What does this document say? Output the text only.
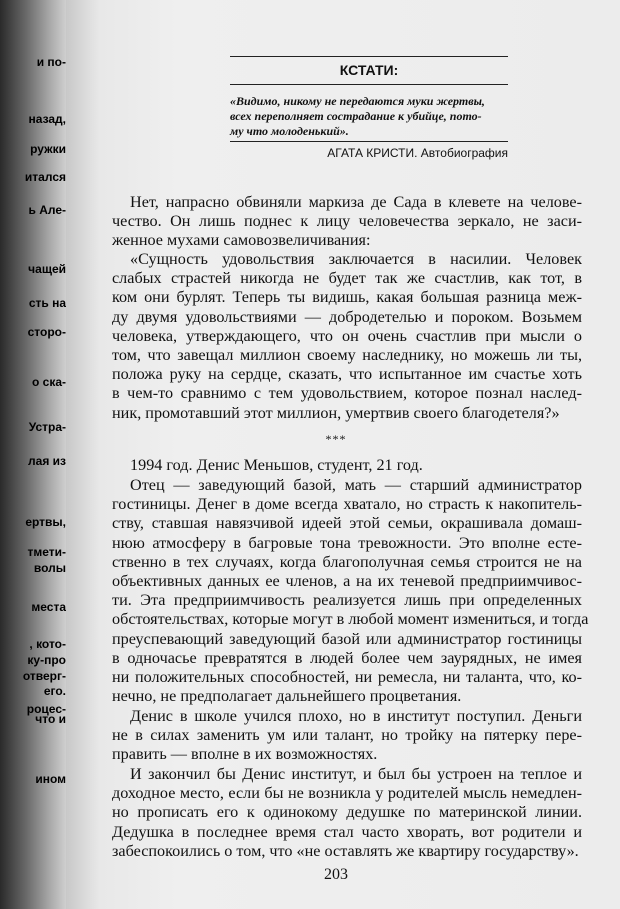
и по-
назад,
ружки
итался
ь Але-
чащей
сть на
сторо-
о ска-
Устра-
лая из
ертвы,
тмети-
волы
места
, кото-
ку-про
отверг-
его.
роцес-
что и
ином
КСТАТИ:
«Видимо, никому не передаются муки жертвы,
всех переполняет сострадание к убийце, пото-
му что молоденький».
АГАТА КРИСТИ. Автобиография
Нет, напрасно обвиняли маркиза де Сада в клевете на челове-
чество. Он лишь поднес к лицу человечества зеркало, не заси-
женное мухами самовозвеличивания:
«Сущность удовольствия заключается в насилии. Человек
слабых страстей никогда не будет так же счастлив, как тот, в
ком они бурлят. Теперь ты видишь, какая большая разница меж-
ду двумя удовольствиями — добродетелью и пороком. Возьмем
человека, утверждающего, что он очень счастлив при мысли о
том, что завещал миллион своему наследнику, но можешь ли ты,
положа руку на сердце, сказать, что испытанное им счастье хоть
в чем-то сравнимо с тем удовольствием, которое познал наслед-
ник, промотавший этот миллион, умертвив своего благодетеля?»
***
1994 год. Денис Меньшов, студент, 21 год.
Отец — заведующий базой, мать — старший администратор
гостиницы. Денег в доме всегда хватало, но страсть к накопитель-
ству, ставшая навязчивой идеей этой семьи, окрашивала домаш-
нюю атмосферу в багровые тона тревожности. Это вполне есте-
ственно в тех случаях, когда благополучная семья строится не на
объективных данных ее членов, а на их теневой предприимчивос-
ти. Эта предприимчивость реализуется лишь при определенных
обстоятельствах, которые могут в любой момент измениться, и тогда
преуспевающий заведующий базой или администратор гостиницы
в одночасье превратятся в людей более чем заурядных, не имея
ни положительных способностей, ни ремесла, ни таланта, что, ко-
нечно, не предполагает дальнейшего процветания.
Денис в школе учился плохо, но в институт поступил. Деньги
не в силах заменить ум или талант, но тройку на пятерку пере-
править — вполне в их возможностях.
И закончил бы Денис институт, и был бы устроен на теплое и
доходное место, если бы не возникла у родителей мысль немедлен-
но прописать его к одинокому дедушке по материнской линии.
Дедушка в последнее время стал часто хворать, вот родители и
забеспокоились о том, что «не оставлять же квартиру государству».
203
